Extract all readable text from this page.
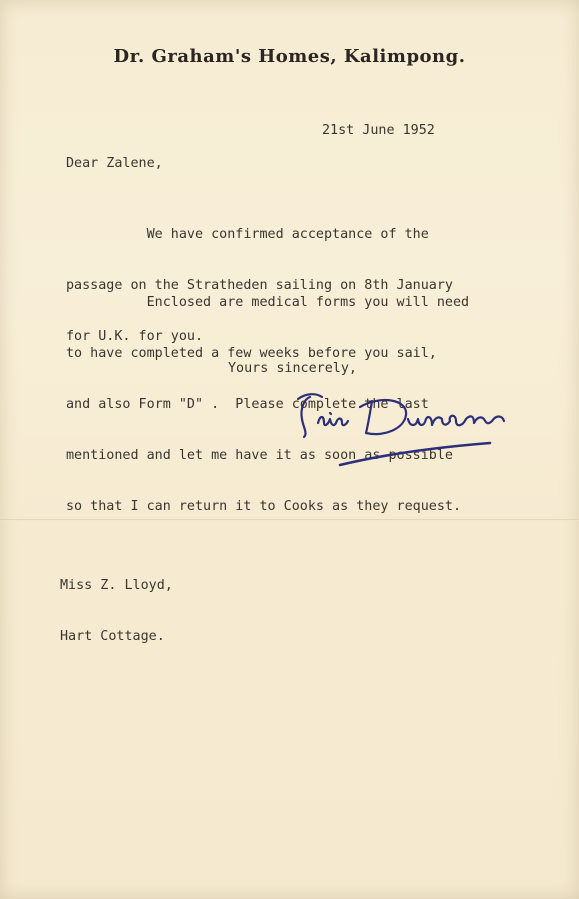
Dr. Graham's Homes, Kalimpong.
21st June 1952
Dear Zalene,

We have confirmed acceptance of the

passage on the Stratheden sailing on 8th January

for U.K. for you.

Enclosed are medical forms you will need

to have completed a few weeks before you sail,

and also Form "D" .  Please complete the last

mentioned and let me have it as soon as possible

so that I can return it to Cooks as they request.

Yours sincerely,

Miss Z. Lloyd,

Hart Cottage.
